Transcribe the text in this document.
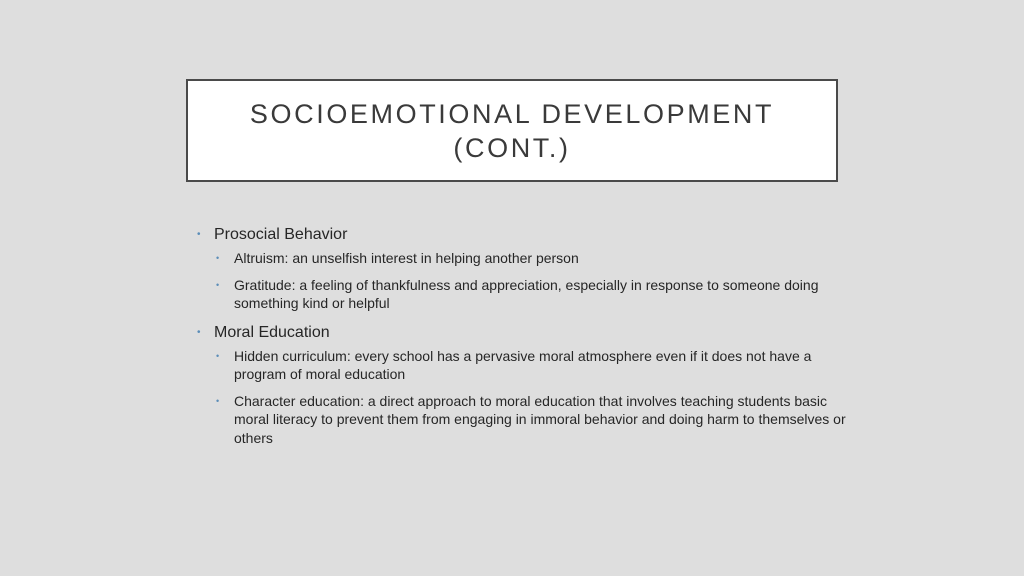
SOCIOEMOTIONAL DEVELOPMENT
(CONT.)
• Prosocial Behavior
• Altruism: an unselfish interest in helping another person
• Gratitude: a feeling of thankfulness and appreciation, especially in response to someone doing something kind or helpful
• Moral Education
• Hidden curriculum: every school has a pervasive moral atmosphere even if it does not have a program of moral education
• Character education: a direct approach to moral education that involves teaching students basic moral literacy to prevent them from engaging in immoral behavior and doing harm to themselves or others
